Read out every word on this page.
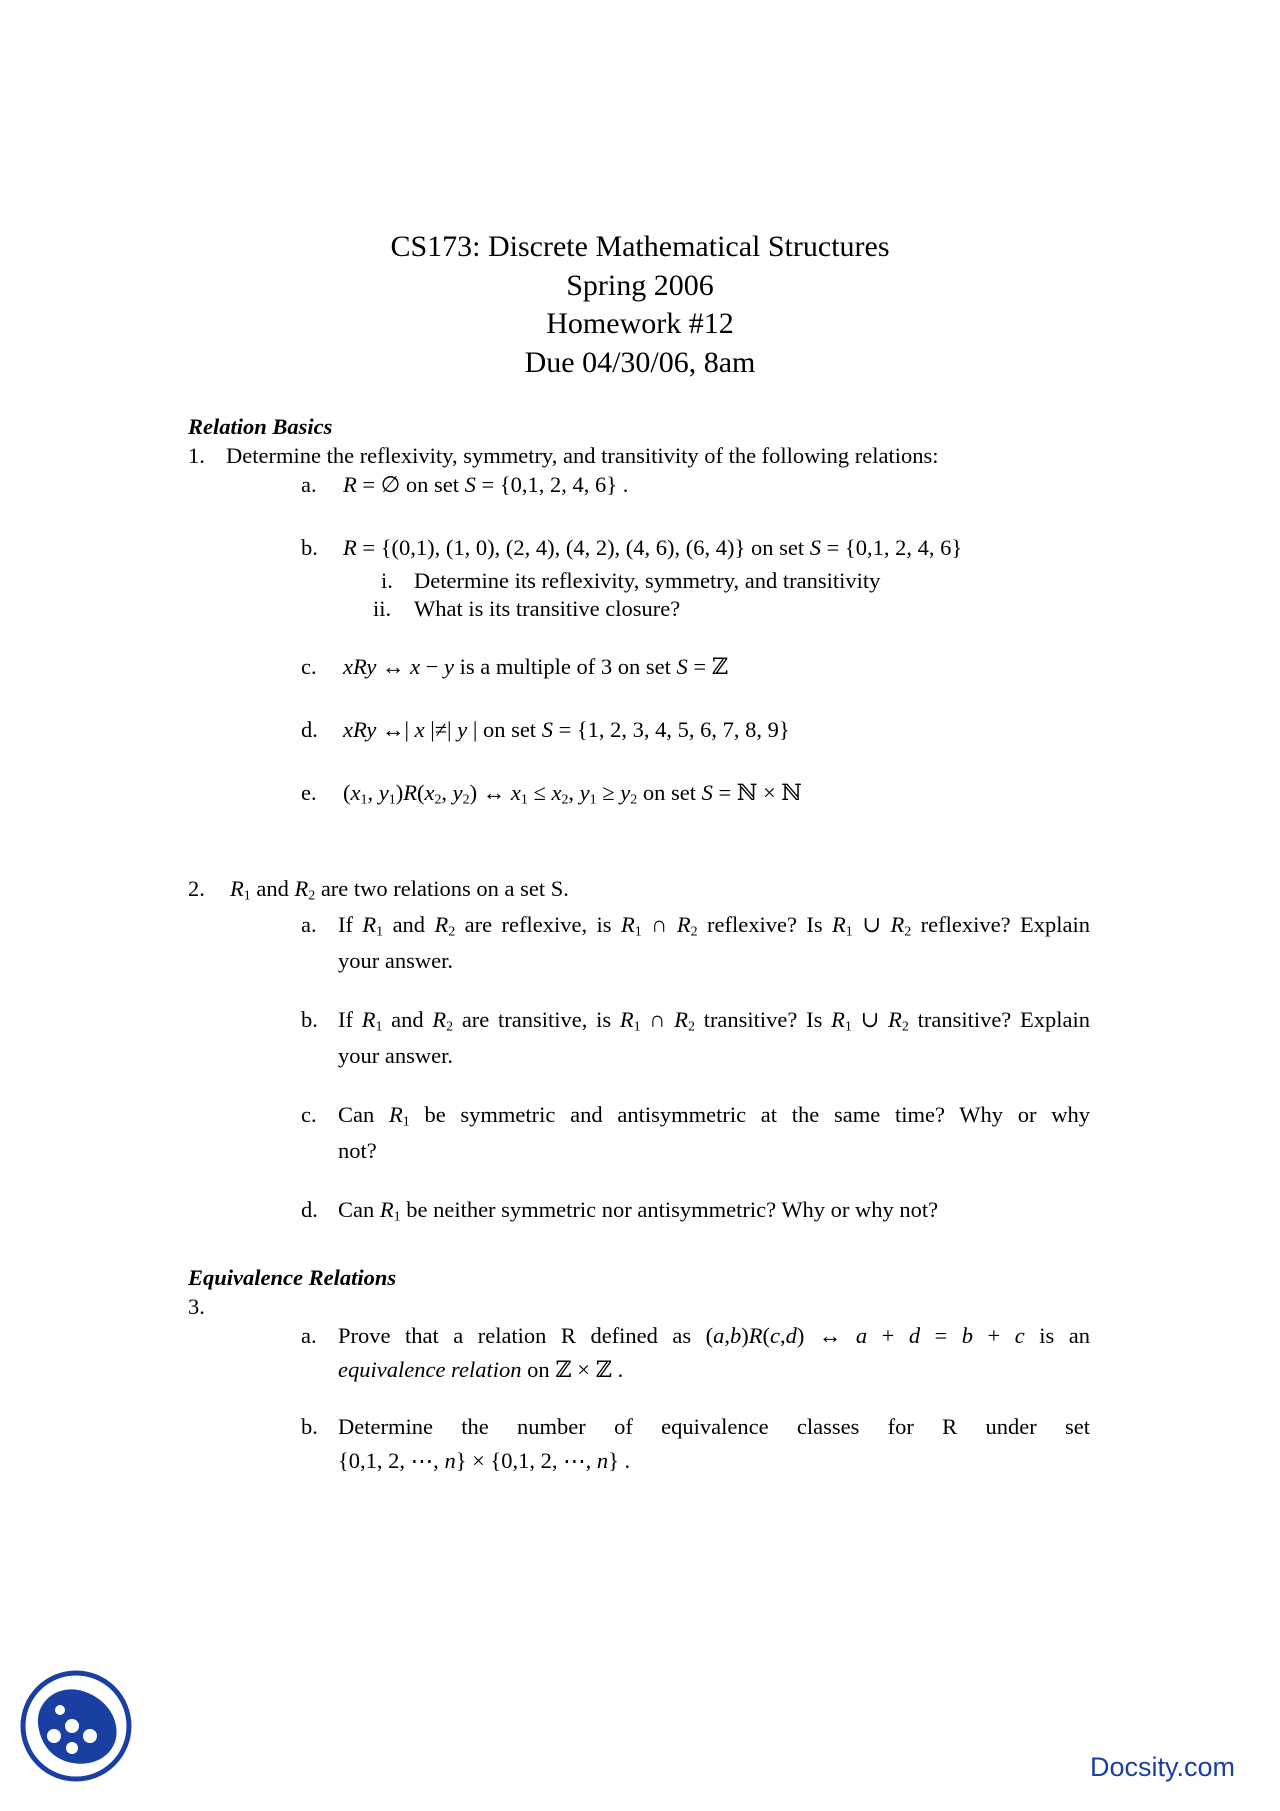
CS173: Discrete Mathematical Structures
Spring 2006
Homework #12
Due 04/30/06, 8am
Relation Basics
1. Determine the reflexivity, symmetry, and transitivity of the following relations:
a. R = ∅ on set S = {0,1, 2, 4, 6} .
b. R = {(0,1), (1, 0), (2, 4), (4, 2), (4, 6), (6, 4)} on set S = {0,1, 2, 4, 6}
i. Determine its reflexivity, symmetry, and transitivity
ii. What is its transitive closure?
c. xRy ↔ x − y is a multiple of 3 on set S = ℤ
d. xRy ↔| x |≠| y | on set S = {1, 2, 3, 4, 5, 6, 7, 8, 9}
e. ($x_1$, $y_1)R(x_2$, $y_2$) ↔ $x_1 \le x_2$, $y_1 \ge y_2$ on set S = ℕ × ℕ
2. $R_1$ and $R_2$ are two relations on a set S.
a. If $R_1$ and $R_2$ are reflexive, is $R_1$ ∩ $R_2$ reflexive? Is $R_1$ ∪ $R_2$ reflexive? Explain
your answer.
b. If $R_1$ and $R_2$ are transitive, is $R_1$ ∩ $R_2$ transitive? Is $R_1$ ∪ $R_2$ transitive? Explain
your answer.
c. Can $R_1$ be symmetric and antisymmetric at the same time? Why or why
not?
d. Can $R_1$ be neither symmetric nor antisymmetric? Why or why not?
Equivalence Relations
3.
a. Prove that a relation R defined as (a,b)R(c,d) ↔ a + d = b + c is an
equivalence relation on ℤ × ℤ .
b. Determine the number of equivalence classes for R under set
{0,1, 2, ⋯, n} × {0,1, 2, ⋯, n} .
Docsity.com
